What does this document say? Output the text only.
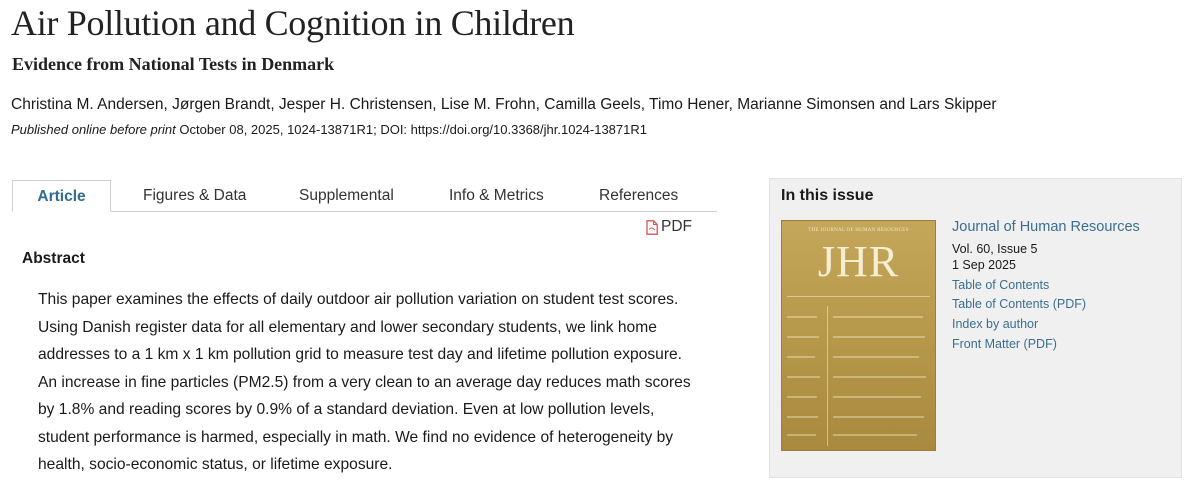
Air Pollution and Cognition in Children
Evidence from National Tests in Denmark
Christina M. Andersen, Jørgen Brandt, Jesper H. Christensen, Lise M. Frohn, Camilla Geels, Timo Hener, Marianne Simonsen and Lars Skipper
Published online before print October 08, 2025, 1024-13871R1; DOI: https://doi.org/10.3368/jhr.1024-13871R1
Article	Figures & Data	Supplemental	Info & Metrics	References
PDF
Abstract

This paper examines the effects of daily outdoor air pollution variation on student test scores. Using Danish register data for all elementary and lower secondary students, we link home addresses to a 1 km x 1 km pollution grid to measure test day and lifetime pollution exposure. An increase in fine particles (PM2.5) from a very clean to an average day reduces math scores by 1.8% and reading scores by 0.9% of a standard deviation. Even at low pollution levels, student performance is harmed, especially in math. We find no evidence of heterogeneity by health, socio-economic status, or lifetime exposure.

In this issue
THE JOURNAL OF HUMAN RESOURCES
JHR
Journal of Human Resources
Vol. 60, Issue 5
1 Sep 2025
Table of Contents
Table of Contents (PDF)
Index by author
Front Matter (PDF)
